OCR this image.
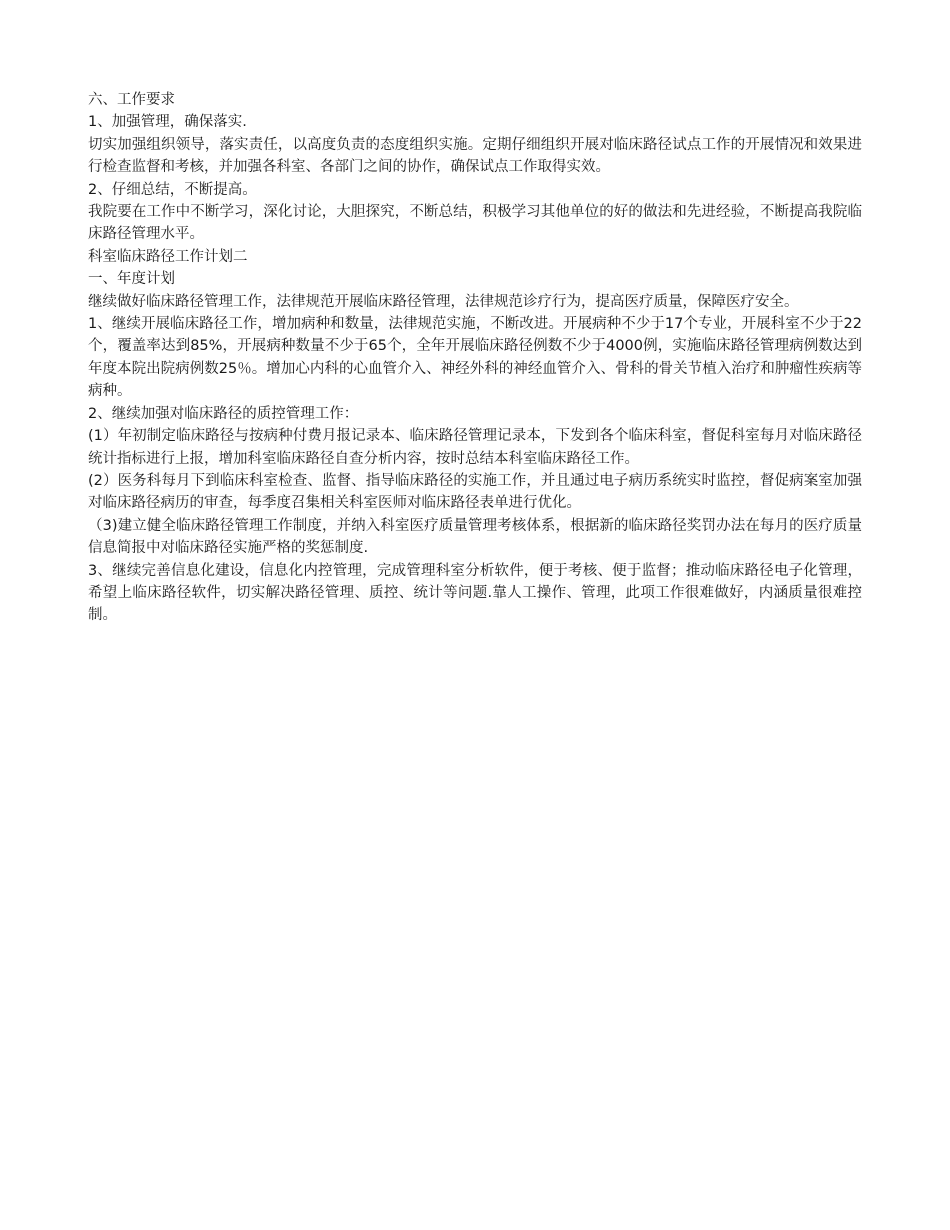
六、工作要求

1、加强管理，确保落实.

切实加强组织领导，落实责任，以高度负责的态度组织实施。定期仔细组织开展对临床路径试点工作的开展情况和效果进行检查监督和考核，并加强各科室、各部门之间的协作，确保试点工作取得实效。

2、仔细总结，不断提高。

我院要在工作中不断学习，深化讨论，大胆探究，不断总结，积极学习其他单位的好的做法和先进经验，不断提高我院临床路径管理水平。

科室临床路径工作计划二

一、年度计划

继续做好临床路径管理工作，法律规范开展临床路径管理，法律规范诊疗行为，提高医疗质量，保障医疗安全。

1、继续开展临床路径工作，增加病种和数量，法律规范实施，不断改进。开展病种不少于17个专业，开展科室不少于22个，覆盖率达到85%，开展病种数量不少于65个，全年开展临床路径例数不少于4000例，实施临床路径管理病例数达到年度本院出院病例数25％。增加心内科的心血管介入、神经外科的神经血管介入、骨科的骨关节植入治疗和肿瘤性疾病等病种。

2、继续加强对临床路径的质控管理工作：

(1）年初制定临床路径与按病种付费月报记录本、临床路径管理记录本，下发到各个临床科室，督促科室每月对临床路径统计指标进行上报，增加科室临床路径自查分析内容，按时总结本科室临床路径工作。

(2）医务科每月下到临床科室检查、监督、指导临床路径的实施工作，并且通过电子病历系统实时监控，督促病案室加强对临床路径病历的审查，每季度召集相关科室医师对临床路径表单进行优化。

（3)建立健全临床路径管理工作制度，并纳入科室医疗质量管理考核体系，根据新的临床路径奖罚办法在每月的医疗质量信息简报中对临床路径实施严格的奖惩制度.

3、继续完善信息化建设，信息化内控管理，完成管理科室分析软件，便于考核、便于监督；推动临床路径电子化管理，希望上临床路径软件，切实解决路径管理、质控、统计等问题.靠人工操作、管理，此项工作很难做好，内涵质量很难控制。
